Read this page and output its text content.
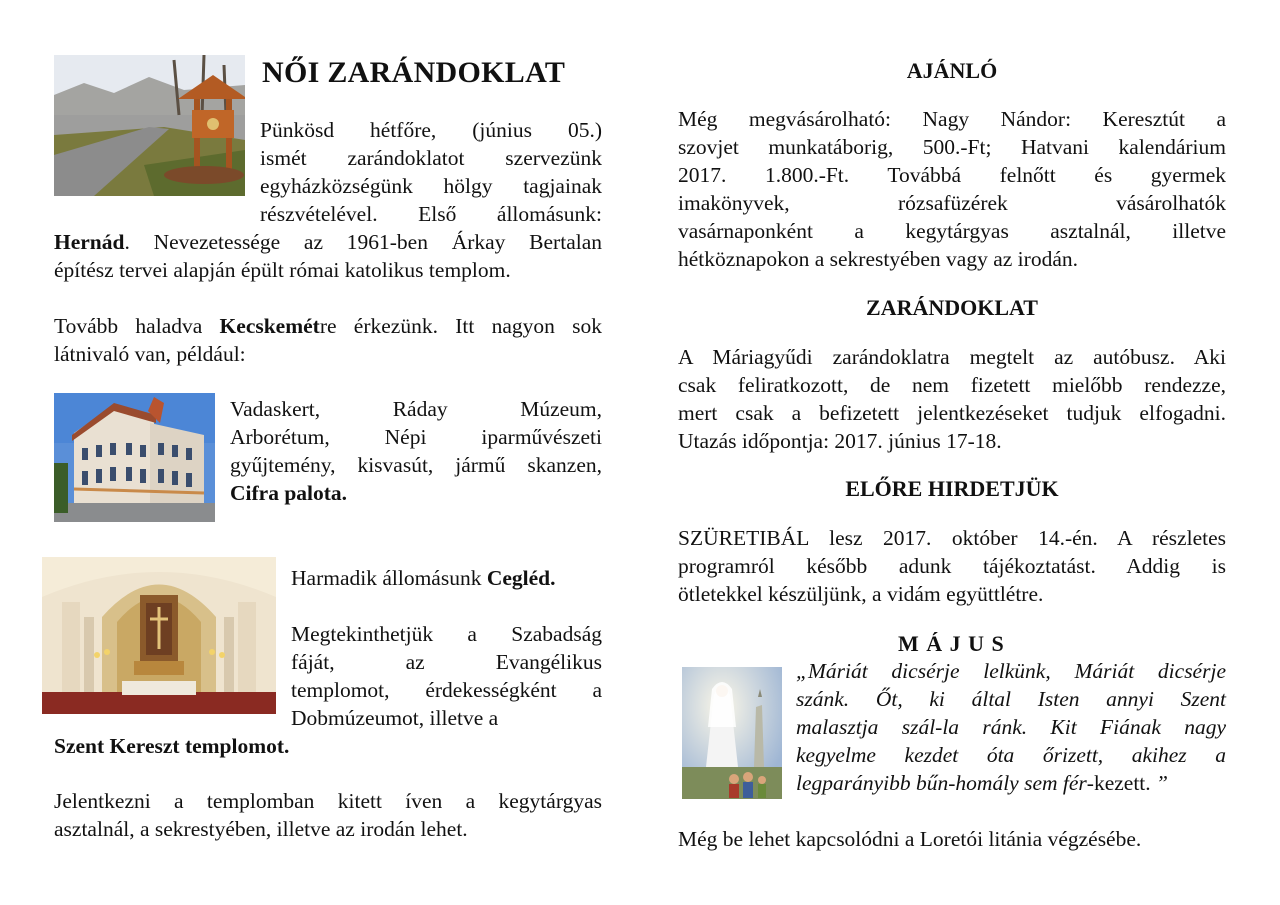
NŐI ZARÁNDOKLAT

Pünkösd hétfőre, (június 05.)

ismét zarándoklatot szervezünk

egyházközségünk hölgy tagjainak

részvételével. Első állomásunk:

Hernád. Nevezetessége az 1961-ben Árkay Bertalan

építész tervei alapján épült római katolikus templom.

Tovább haladva Kecskemétre érkezünk. Itt nagyon sok

látnivaló van, például:

Vadaskert, Ráday Múzeum,

Arborétum, Népi iparművészeti

gyűjtemény, kisvasút, jármű skanzen,

Cifra palota.

Harmadik állomásunk Cegléd.

Megtekinthetjük a Szabadság

fáját, az Evangélikus

templomot, érdekességként a

Dobmúzeumot, illetve a

Szent Kereszt templomot.

Jelentkezni a templomban kitett íven a kegytárgyas

asztalnál, a sekrestyében, illetve az irodán lehet.

AJÁNLÓ

Még megvásárolható: Nagy Nándor: Keresztút a

szovjet munkatáborig, 500.-Ft; Hatvani kalendárium

2017. 1.800.-Ft. Továbbá felnőtt és gyermek

imakönyvek, rózsafüzérek vásárolhatók

vasárnaponként a kegytárgyas asztalnál, illetve

hétköznapokon a sekrestyében vagy az irodán.

ZARÁNDOKLAT

A Máriagyűdi zarándoklatra megtelt az autóbusz. Aki

csak feliratkozott, de nem fizetett mielőbb rendezze,

mert csak a befizetett jelentkezéseket tudjuk elfogadni.

Utazás időpontja: 2017. június 17-18.

ELŐRE HIRDETJÜK

SZÜRETIBÁL lesz 2017. október 14.-én. A részletes

programról később adunk tájékoztatást. Addig is

ötletekkel készüljünk, a vidám együttlétre.

M Á J U S

„Máriát dicsérje lelkünk, Máriát dicsérje

szánk. Őt, ki által Isten annyi Szent

malasztja szál-la ránk. Kit Fiának nagy

kegyelme kezdet óta őrizett, akihez a

legparányibb bűn-homály sem fér-kezett. ”

Még be lehet kapcsolódni a Loretói litánia végzésébe.
